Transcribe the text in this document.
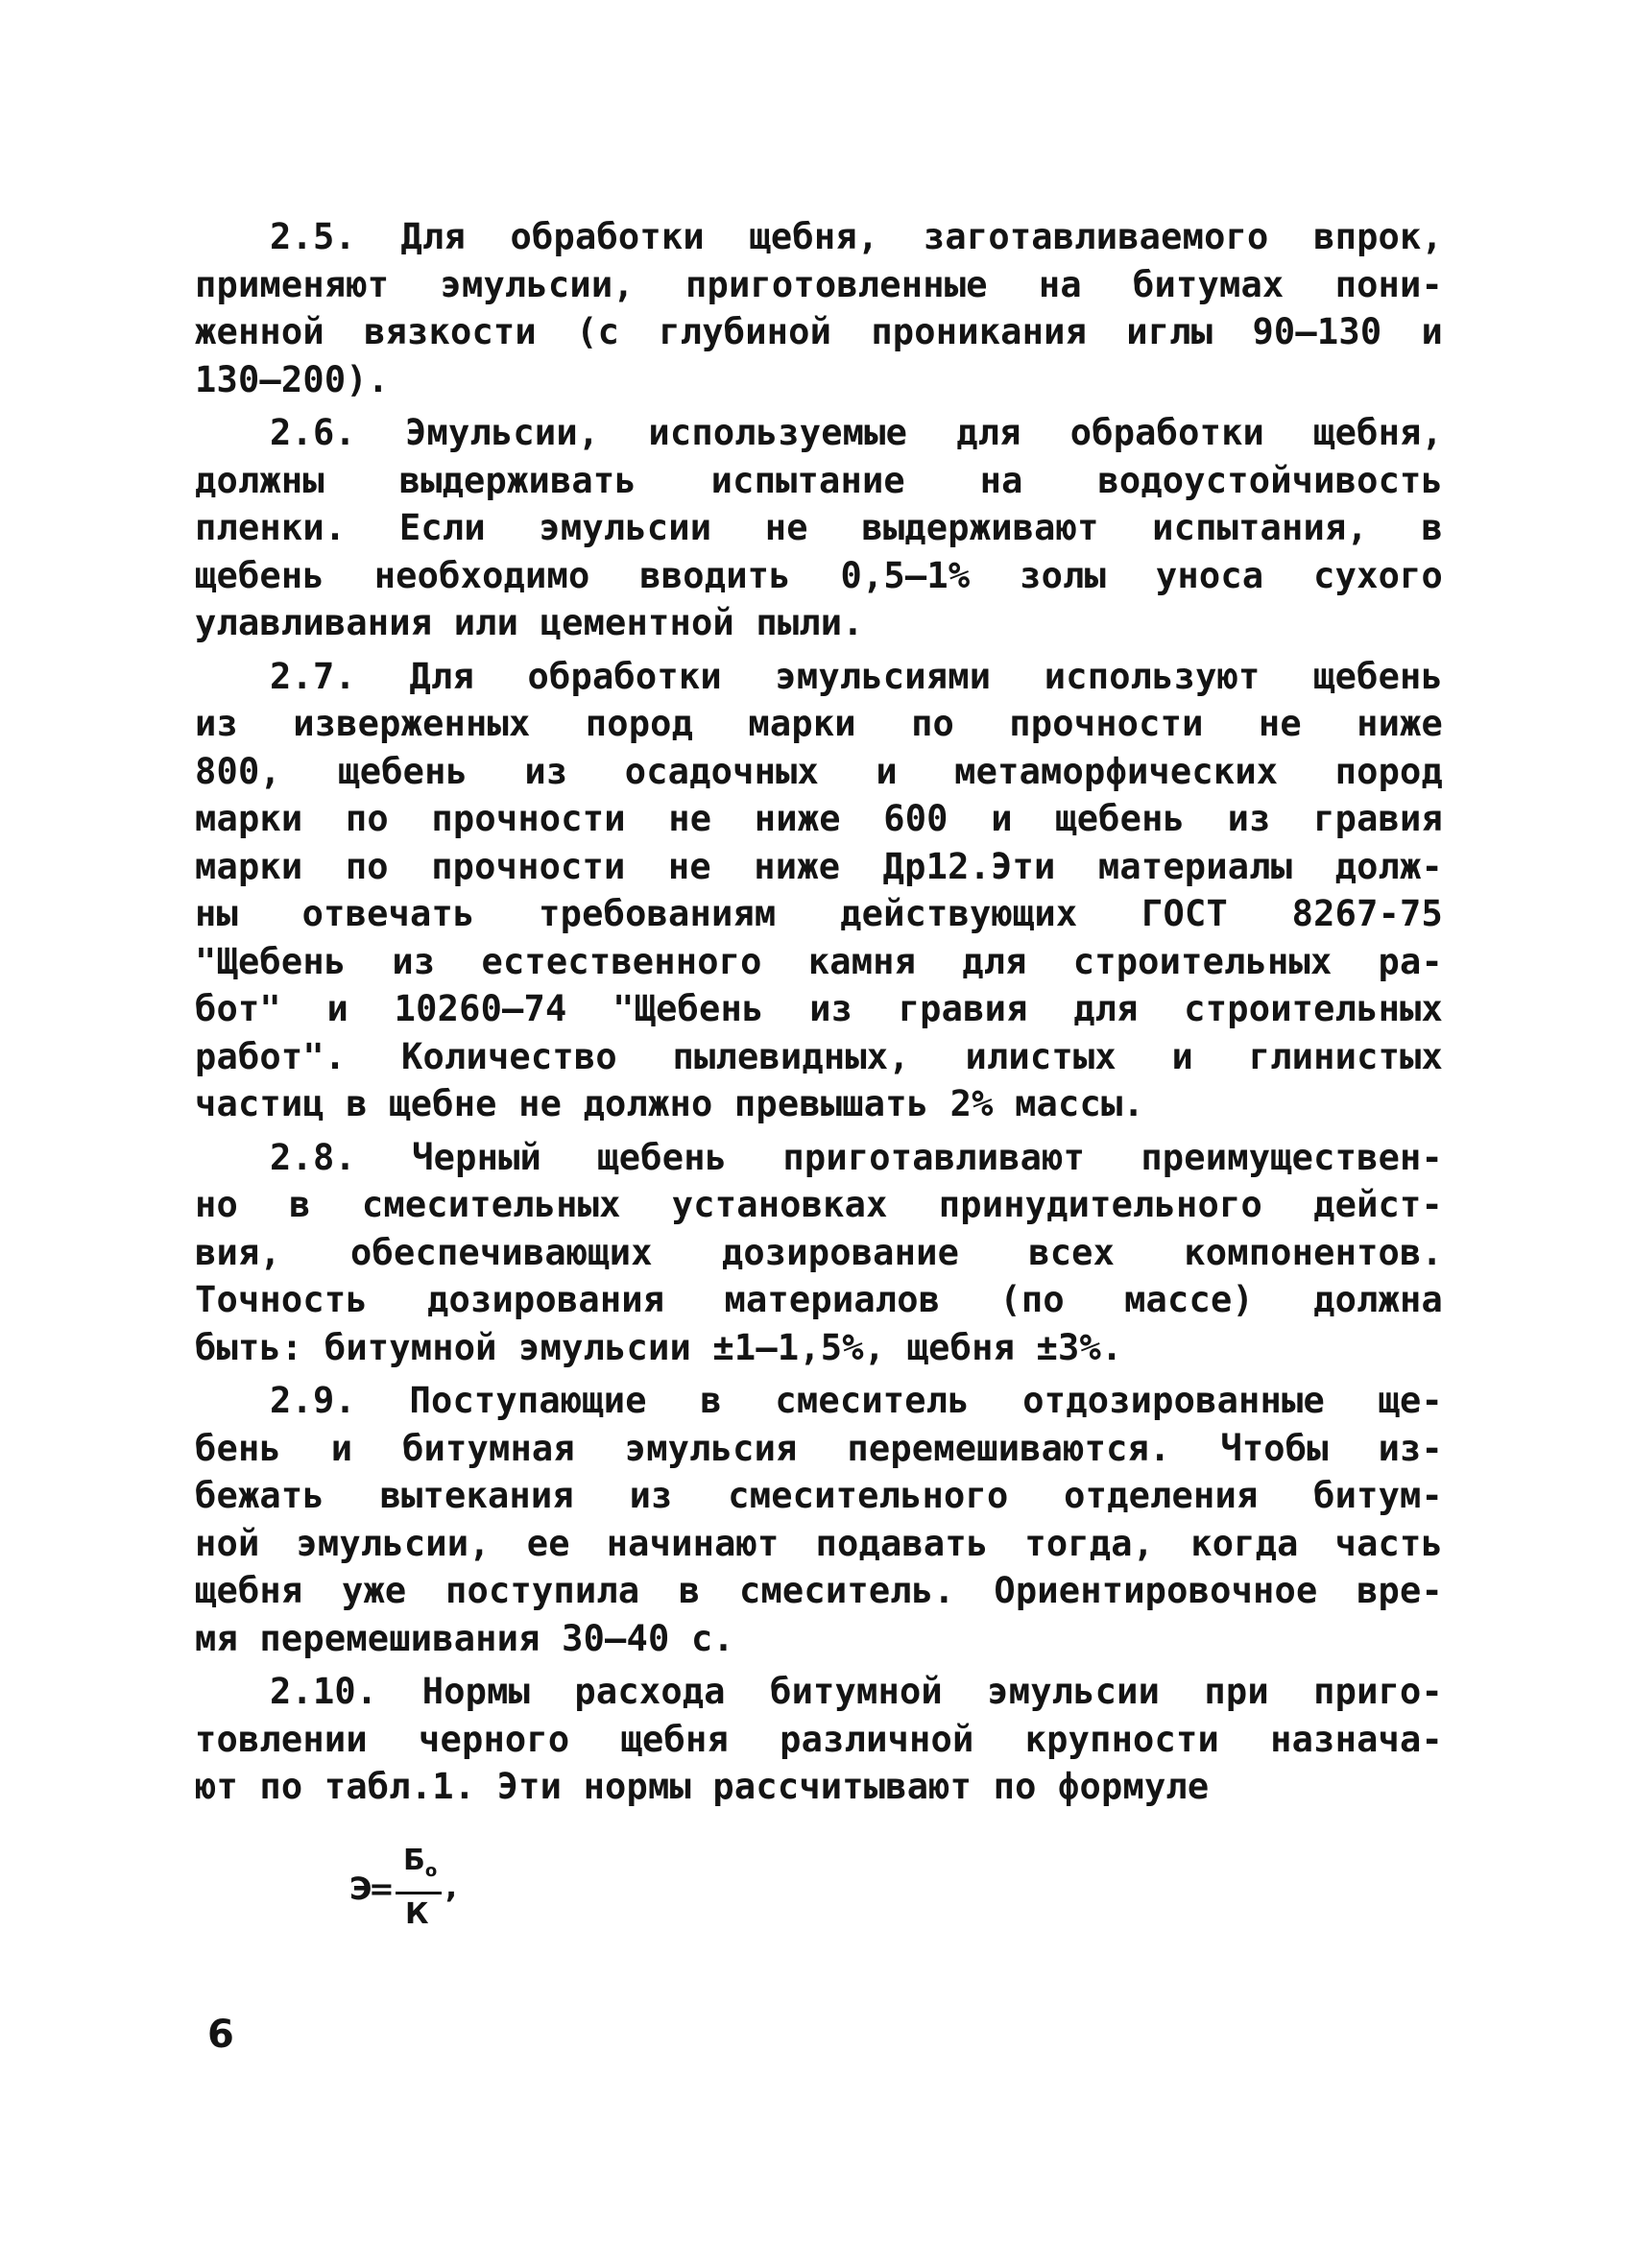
2.5. Для обработки щебня, заготавливаемого впрок,
применяют эмульсии, приготовленные на битумах пони-
женной вязкости (с глубиной проникания иглы 90–130 и
130–200).
2.6. Эмульсии, используемые для обработки щебня,
должны выдерживать испытание на водоустойчивость
пленки. Если эмульсии не выдерживают испытания, в
щебень необходимо вводить 0,5–1% золы уноса сухого
улавливания или цементной пыли.
2.7. Для обработки эмульсиями используют щебень
из изверженных пород марки по прочности не ниже
800, щебень из осадочных и метаморфических пород
марки по прочности не ниже 600 и щебень из гравия
марки по прочности не ниже Др12.Эти материалы долж-
ны отвечать требованиям действующих ГОСТ 8267-75
"Щебень из естественного камня для строительных ра-
бот" и 10260–74 "Щебень из гравия для строительных
работ". Количество пылевидных, илистых и глинистых
частиц в щебне не должно превышать 2% массы.
2.8. Черный щебень приготавливают преимуществен-
но в смесительных установках принудительного дейст-
вия, обеспечивающих дозирование всех компонентов.
Точность дозирования материалов (по массе) должна
быть: битумной эмульсии ±1–1,5%, щебня ±3%.
2.9. Поступающие в смеситель отдозированные ще-
бень и битумная эмульсия перемешиваются. Чтобы из-
бежать вытекания из смесительного отделения битум-
ной эмульсии, ее начинают подавать тогда, когда часть
щебня уже поступила в смеситель. Ориентировочное вре-
мя перемешивания 30–40 с.
2.10. Нормы расхода битумной эмульсии при приго-
товлении черного щебня различной крупности назнача-
ют по табл.1. Эти нормы рассчитывают по формуле
Э
=
$Б_о$
К
,
6
